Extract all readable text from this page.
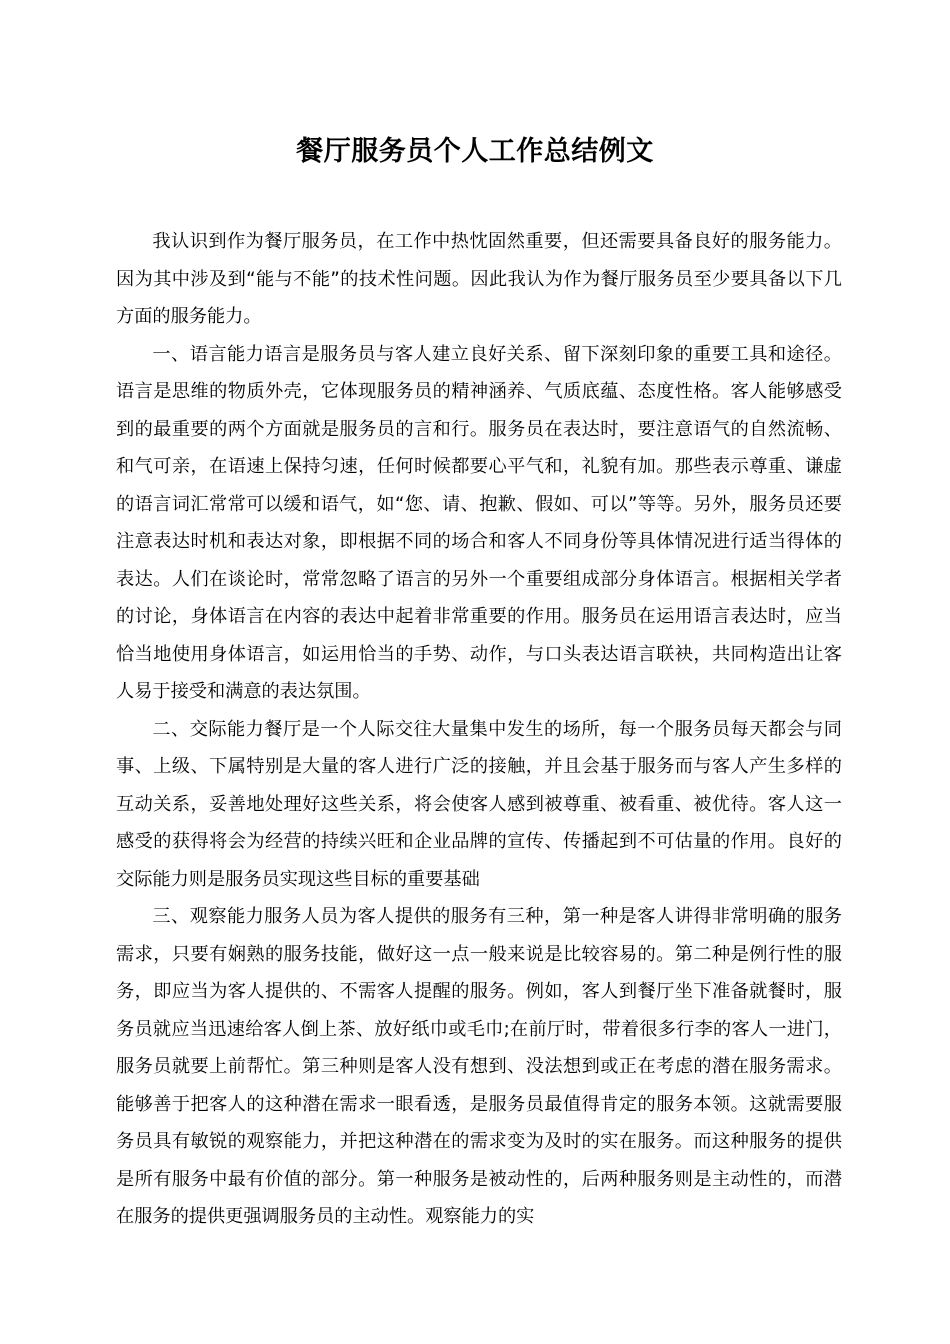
餐厅服务员个人工作总结例文

我认识到作为餐厅服务员，在工作中热忱固然重要，但还需要具备良好的服务能力。因为其中涉及到“能与不能”的技术性问题。因此我认为作为餐厅服务员至少要具备以下几方面的服务能力。

一、语言能力语言是服务员与客人建立良好关系、留下深刻印象的重要工具和途径。语言是思维的物质外壳，它体现服务员的精神涵养、气质底蕴、态度性格。客人能够感受到的最重要的两个方面就是服务员的言和行。服务员在表达时，要注意语气的自然流畅、和气可亲，在语速上保持匀速，任何时候都要心平气和，礼貌有加。那些表示尊重、谦虚的语言词汇常常可以缓和语气，如“您、请、抱歉、假如、可以”等等。另外，服务员还要注意表达时机和表达对象，即根据不同的场合和客人不同身份等具体情况进行适当得体的表达。人们在谈论时，常常忽略了语言的另外一个重要组成部分身体语言。根据相关学者的讨论，身体语言在内容的表达中起着非常重要的作用。服务员在运用语言表达时，应当恰当地使用身体语言，如运用恰当的手势、动作，与口头表达语言联袂，共同构造出让客人易于接受和满意的表达氛围。

二、交际能力餐厅是一个人际交往大量集中发生的场所，每一个服务员每天都会与同事、上级、下属特别是大量的客人进行广泛的接触，并且会基于服务而与客人产生多样的互动关系，妥善地处理好这些关系，将会使客人感到被尊重、被看重、被优待。客人这一感受的获得将会为经营的持续兴旺和企业品牌的宣传、传播起到不可估量的作用。良好的交际能力则是服务员实现这些目标的重要基础

三、观察能力服务人员为客人提供的服务有三种，第一种是客人讲得非常明确的服务需求，只要有娴熟的服务技能，做好这一点一般来说是比较容易的。第二种是例行性的服务，即应当为客人提供的、不需客人提醒的服务。例如，客人到餐厅坐下准备就餐时，服务员就应当迅速给客人倒上茶、放好纸巾或毛巾;在前厅时，带着很多行李的客人一进门，服务员就要上前帮忙。第三种则是客人没有想到、没法想到或正在考虑的潜在服务需求。能够善于把客人的这种潜在需求一眼看透，是服务员最值得肯定的服务本领。这就需要服务员具有敏锐的观察能力，并把这种潜在的需求变为及时的实在服务。而这种服务的提供是所有服务中最有价值的部分。第一种服务是被动性的，后两种服务则是主动性的，而潜在服务的提供更强调服务员的主动性。观察能力的实
